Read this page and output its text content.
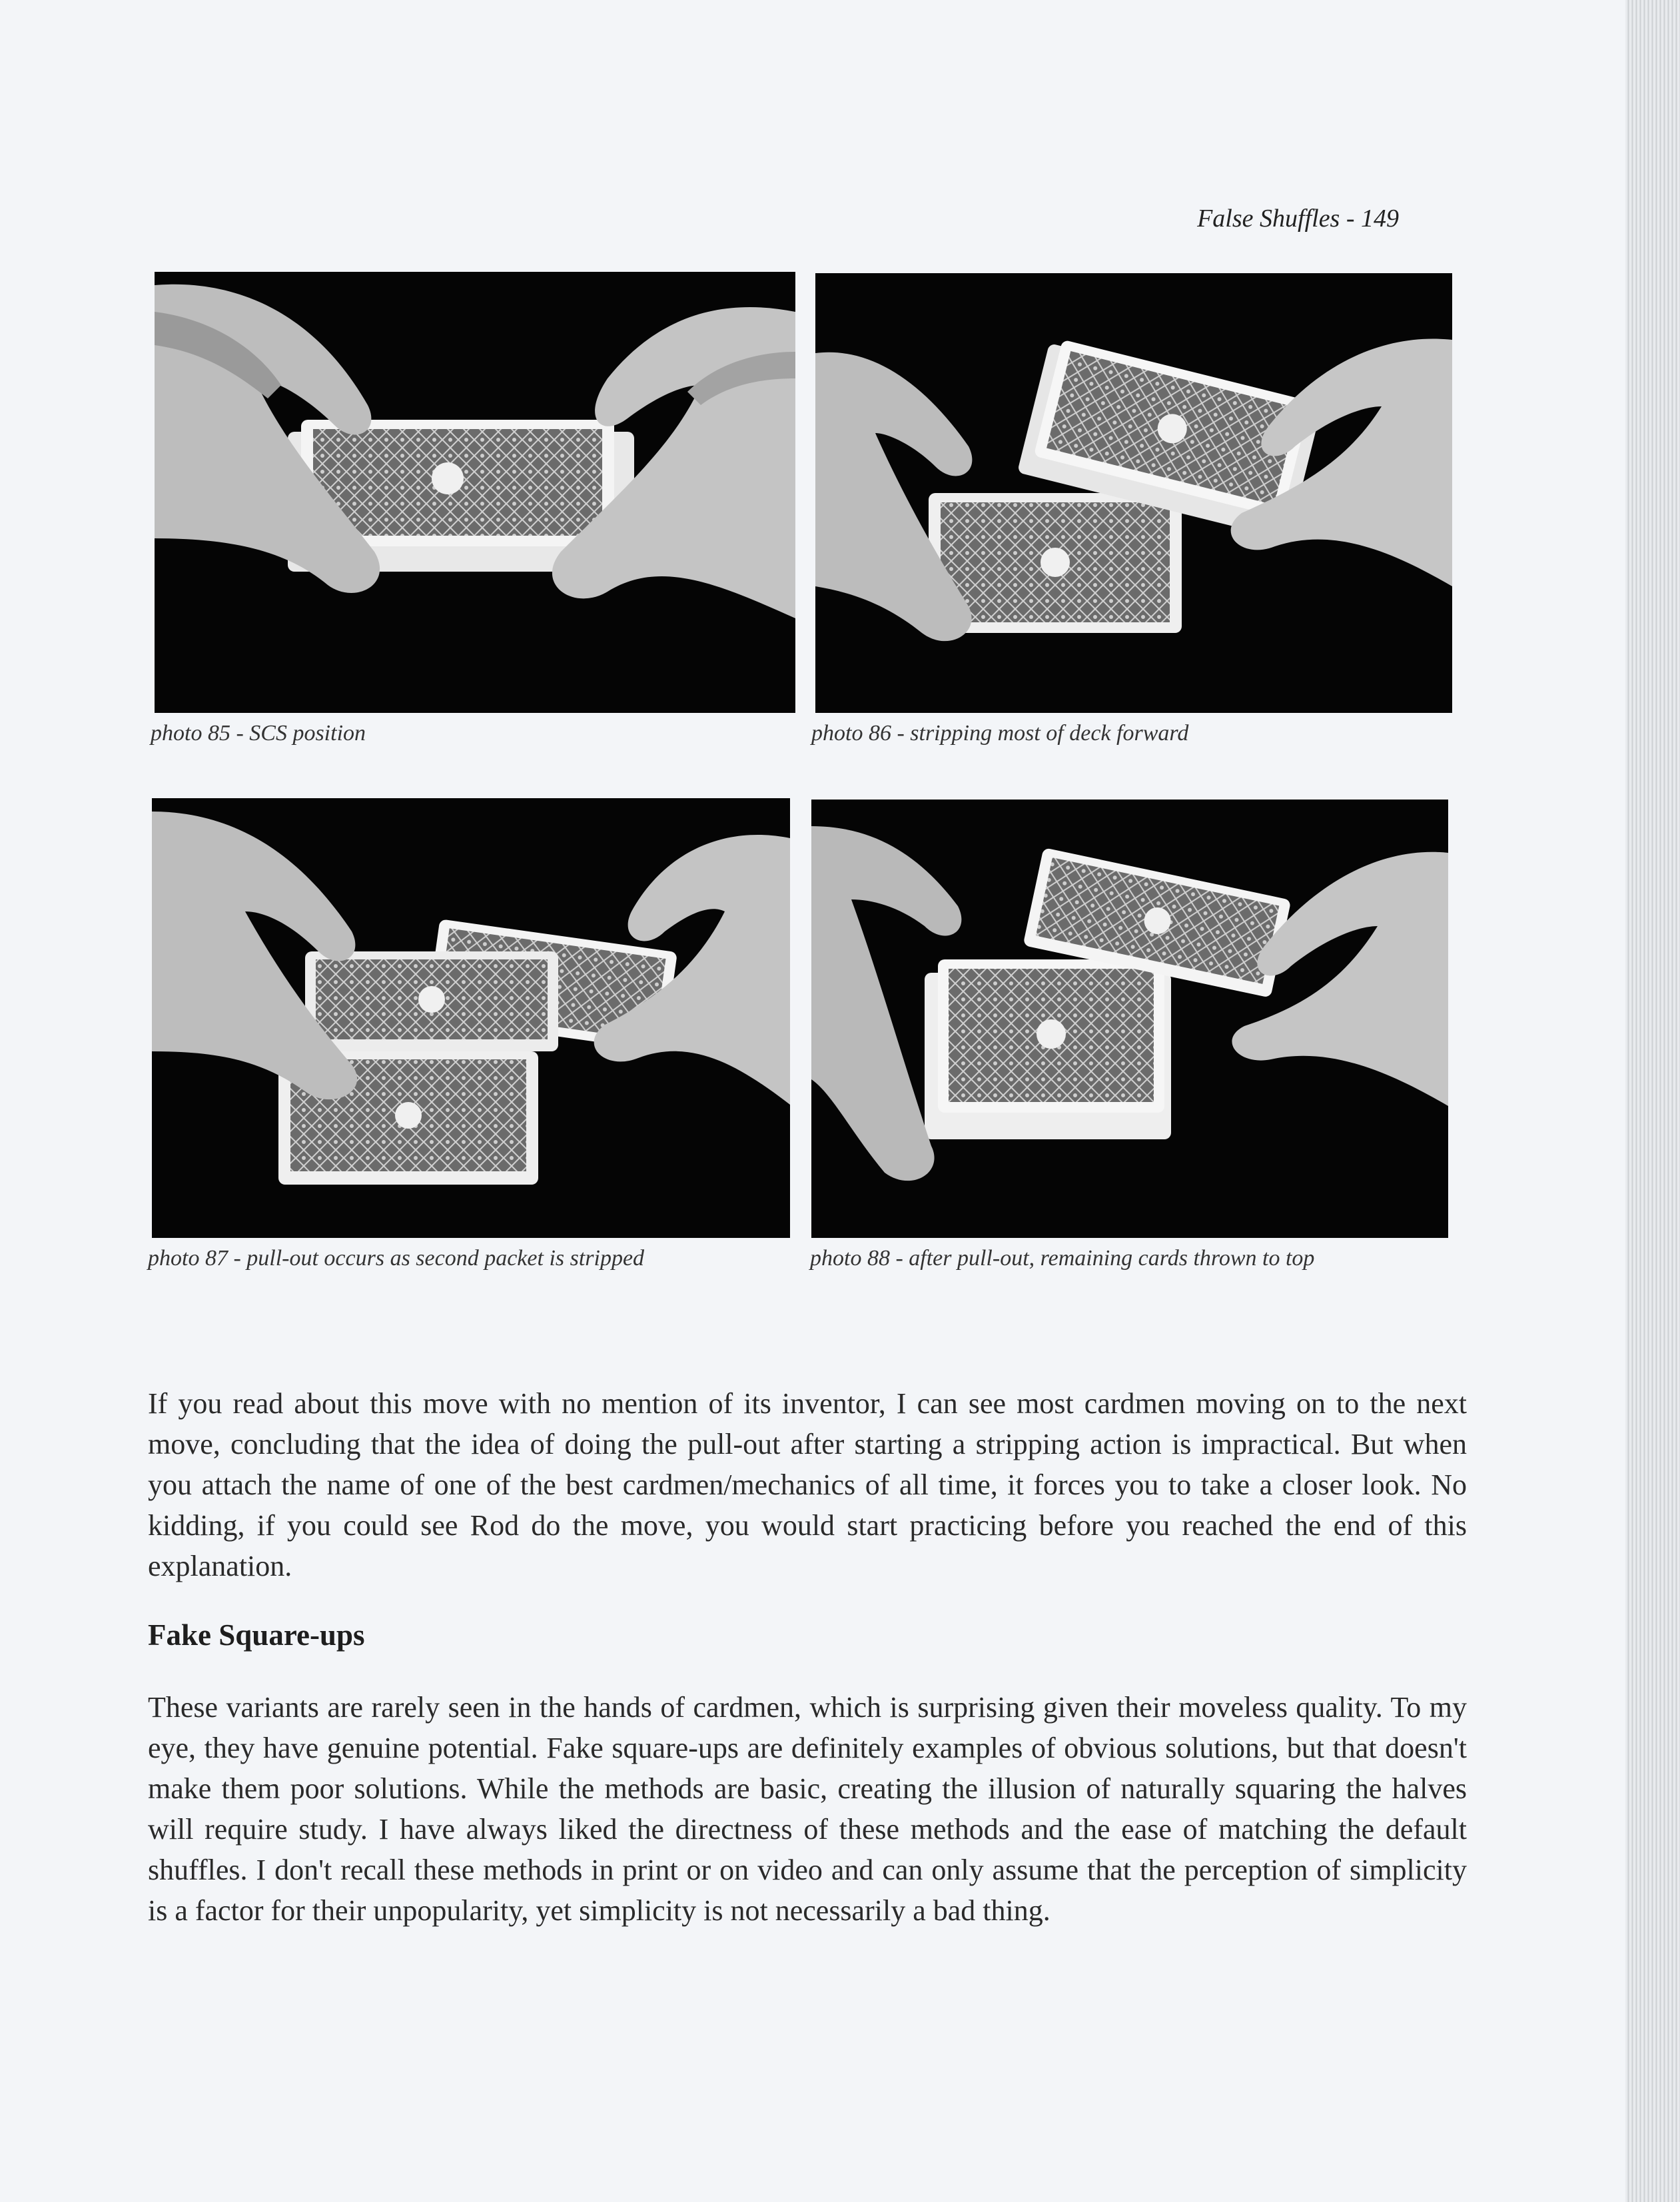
False Shuffles - 149
photo 85 - SCS position	photo 86 - stripping most of deck forward
photo 87 - pull-out occurs as second packet is stripped	photo 88 - after pull-out, remaining cards thrown to top
If you read about this move with no mention of its inventor, I can see most cardmen moving on to the next move, concluding that the idea of doing the pull-out after starting a stripping action is impractical. But when you attach the name of one of the best cardmen/mechanics of all time, it forces you to take a closer look. No kidding, if you could see Rod do the move, you would start practicing before you reached the end of this explanation.
Fake Square-ups
These variants are rarely seen in the hands of cardmen, which is surprising given their moveless quality. To my eye, they have genuine potential. Fake square-ups are definitely examples of obvious solutions, but that doesn't make them poor solutions. While the methods are basic, creating the illusion of naturally squaring the halves will require study. I have always liked the directness of these methods and the ease of matching the default shuffles. I don't recall these methods in print or on video and can only assume that the perception of simplicity is a factor for their unpopularity, yet simplicity is not necessarily a bad thing.
